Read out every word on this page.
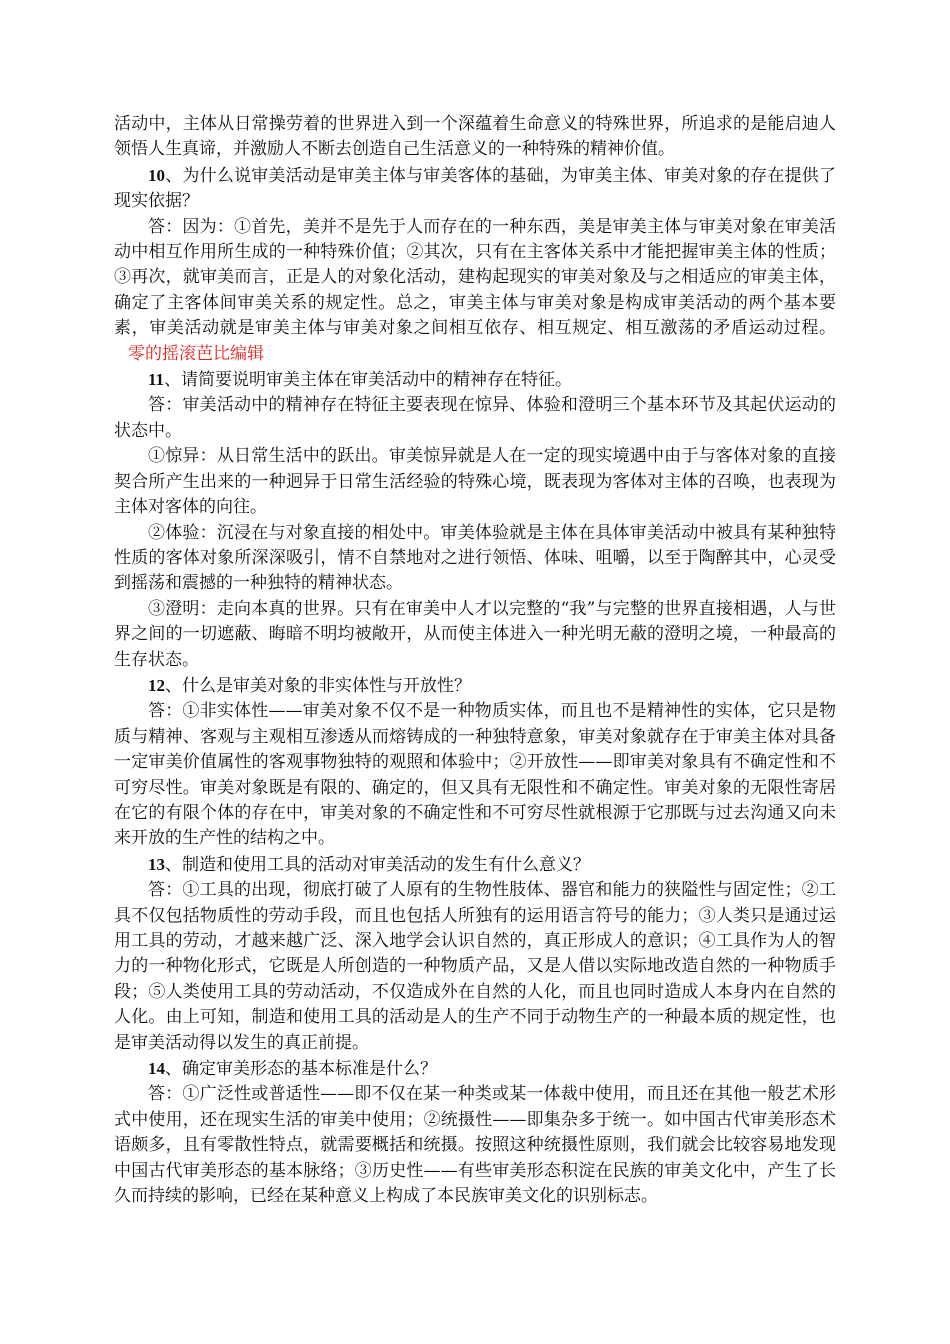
活动中，主体从日常操劳着的世界进入到一个深蕴着生命意义的特殊世界，所追求的是能启迪人领悟人生真谛，并激励人不断去创造自己生活意义的一种特殊的精神价值。

10、为什么说审美活动是审美主体与审美客体的基础，为审美主体、审美对象的存在提供了现实依据？

答：因为：①首先，美并不是先于人而存在的一种东西，美是审美主体与审美对象在审美活动中相互作用所生成的一种特殊价值；②其次，只有在主客体关系中才能把握审美主体的性质；③再次，就审美而言，正是人的对象化活动，建构起现实的审美对象及与之相适应的审美主体，确定了主客体间审美关系的规定性。总之，审美主体与审美对象是构成审美活动的两个基本要素，审美活动就是审美主体与审美对象之间相互依存、相互规定、相互激荡的矛盾运动过程。零的摇滚芭比编辑

11、请简要说明审美主体在审美活动中的精神存在特征。

答：审美活动中的精神存在特征主要表现在惊异、体验和澄明三个基本环节及其起伏运动的状态中。

①惊异：从日常生活中的跃出。审美惊异就是人在一定的现实境遇中由于与客体对象的直接契合所产生出来的一种迥异于日常生活经验的特殊心境，既表现为客体对主体的召唤，也表现为主体对客体的向往。

②体验：沉浸在与对象直接的相处中。审美体验就是主体在具体审美活动中被具有某种独特性质的客体对象所深深吸引，情不自禁地对之进行领悟、体味、咀嚼，以至于陶醉其中，心灵受到摇荡和震撼的一种独特的精神状态。

③澄明：走向本真的世界。只有在审美中人才以完整的“我”与完整的世界直接相遇，人与世界之间的一切遮蔽、晦暗不明均被敞开，从而使主体进入一种光明无蔽的澄明之境，一种最高的生存状态。

12、什么是审美对象的非实体性与开放性？

答：①非实体性——审美对象不仅不是一种物质实体，而且也不是精神性的实体，它只是物质与精神、客观与主观相互渗透从而熔铸成的一种独特意象，审美对象就存在于审美主体对具备一定审美价值属性的客观事物独特的观照和体验中；②开放性——即审美对象具有不确定性和不可穷尽性。审美对象既是有限的、确定的，但又具有无限性和不确定性。审美对象的无限性寄居在它的有限个体的存在中，审美对象的不确定性和不可穷尽性就根源于它那既与过去沟通又向未来开放的生产性的结构之中。

13、制造和使用工具的活动对审美活动的发生有什么意义？

答：①工具的出现，彻底打破了人原有的生物性肢体、器官和能力的狭隘性与固定性；②工具不仅包括物质性的劳动手段，而且也包括人所独有的运用语言符号的能力；③人类只是通过运用工具的劳动，才越来越广泛、深入地学会认识自然的，真正形成人的意识；④工具作为人的智力的一种物化形式，它既是人所创造的一种物质产品，又是人借以实际地改造自然的一种物质手段；⑤人类使用工具的劳动活动，不仅造成外在自然的人化，而且也同时造成人本身内在自然的人化。由上可知，制造和使用工具的活动是人的生产不同于动物生产的一种最本质的规定性，也是审美活动得以发生的真正前提。

14、确定审美形态的基本标准是什么？

答：①广泛性或普适性——即不仅在某一种类或某一体裁中使用，而且还在其他一般艺术形式中使用，还在现实生活的审美中使用；②统摄性——即集杂多于统一。如中国古代审美形态术语颇多，且有零散性特点，就需要概括和统摄。按照这种统摄性原则，我们就会比较容易地发现中国古代审美形态的基本脉络；③历史性——有些审美形态积淀在民族的审美文化中，产生了长久而持续的影响，已经在某种意义上构成了本民族审美文化的识别标志。
